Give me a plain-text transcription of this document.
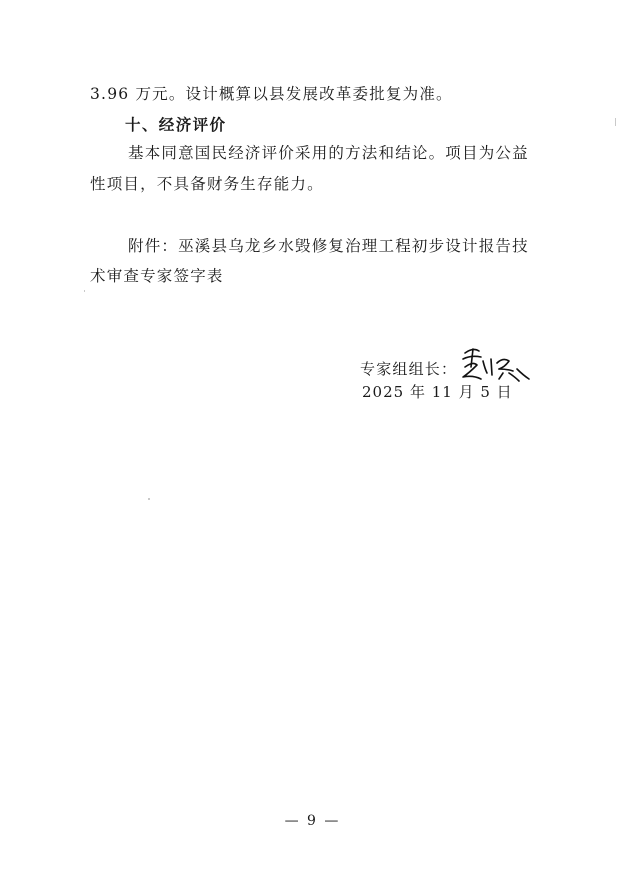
3.96 万元。设计概算以县发展改革委批复为准。
十、经济评价
基本同意国民经济评价采用的方法和结论。项目为公益
性项目，不具备财务生存能力。
附件：巫溪县乌龙乡水毁修复治理工程初步设计报告技
术审查专家签字表
专家组组长：
2025 年 11 月 5 日
— 9 —
